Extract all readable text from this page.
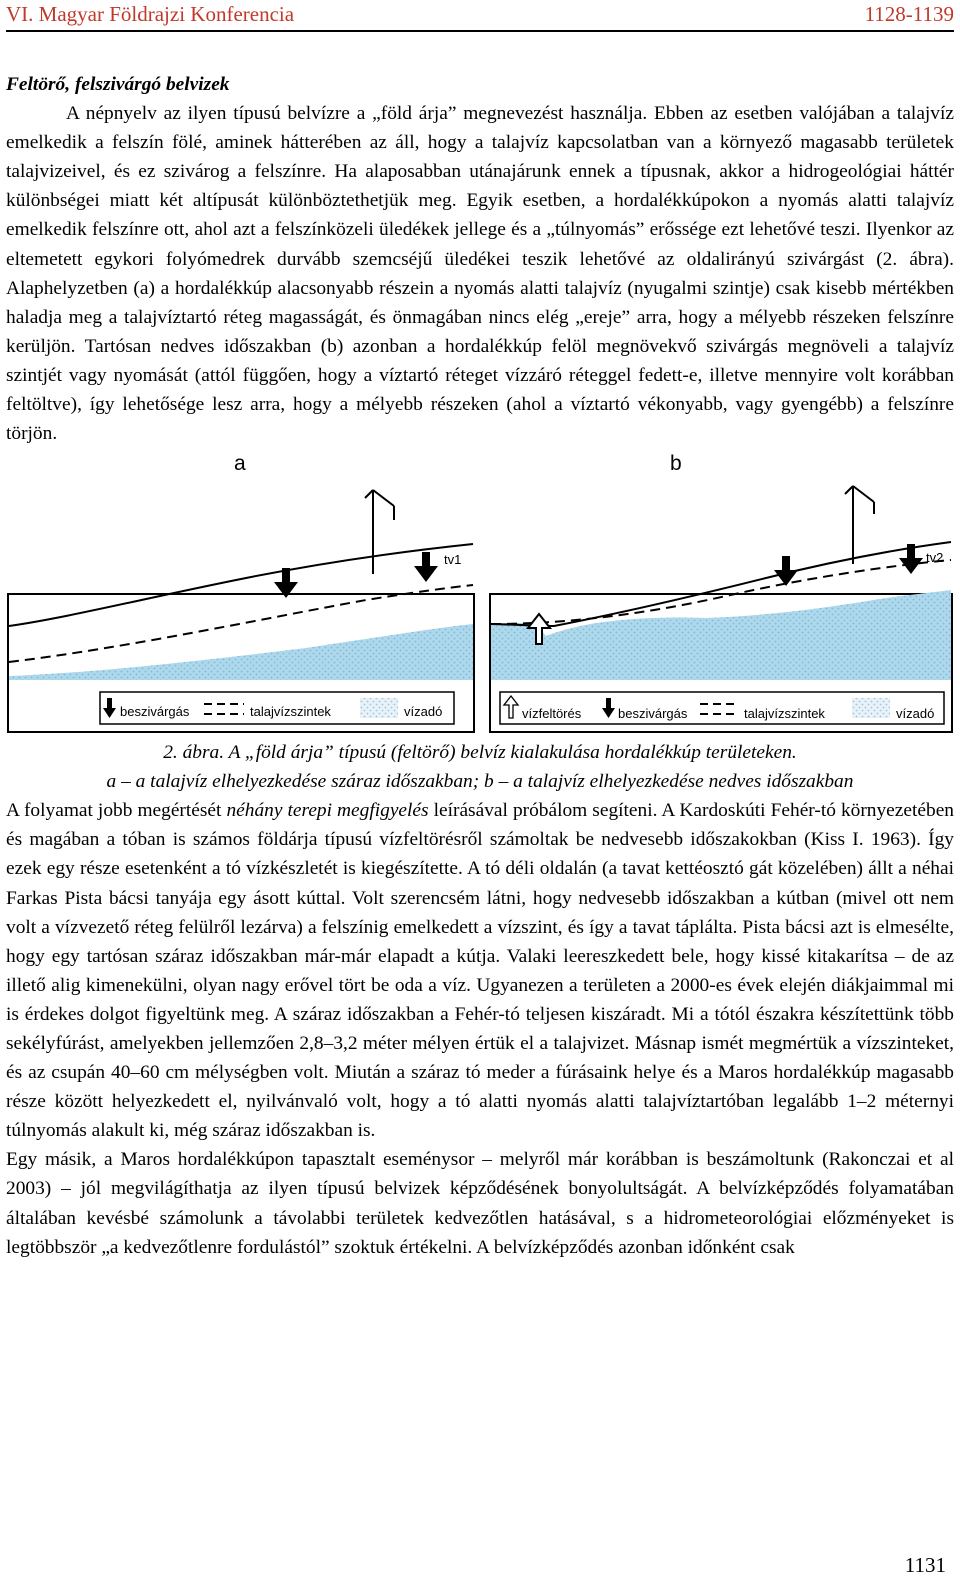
VI. Magyar Földrajzi Konferencia	1128-1139

Feltörő, felszivárgó belvizek

A népnyelv az ilyen típusú belvízre a „föld árja” megnevezést használja. Ebben az esetben valójában a talajvíz emelkedik a felszín fölé, aminek hátterében az áll, hogy a talajvíz kapcsolatban van a környező magasabb területek talajvizeivel, és ez szivárog a felszínre. Ha alaposabban utánajárunk ennek a típusnak, akkor a hidrogeológiai háttér különbségei miatt két altípusát különböztethetjük meg. Egyik esetben, a hordalékkúpokon a nyomás alatti talajvíz emelkedik felszínre ott, ahol azt a felszínközeli üledékek jellege és a „túlnyomás” erőssége ezt lehetővé teszi. Ilyenkor az eltemetett egykori folyómedrek durvább szemcséjű üledékei teszik lehetővé az oldalirányú szivárgást (2. ábra). Alaphelyzetben (a) a hordalékkúp alacsonyabb részein a nyomás alatti talajvíz (nyugalmi szintje) csak kisebb mértékben haladja meg a talajvíztartó réteg magasságát, és önmagában nincs elég „ereje” arra, hogy a mélyebb részeken felszínre kerüljön. Tartósan nedves időszakban (b) azonban a hordalékkúp felöl megnövekvő szivárgás megnöveli a talajvíz szintjét vagy nyomását (attól függően, hogy a víztartó réteget vízzáró réteggel fedett-e, illetve mennyire volt korábban feltöltve), így lehetősége lesz arra, hogy a mélyebb részeken (ahol a víztartó vékonyabb, vagy gyengébb) a felszínre törjön.

a	b
tv1
beszivárgás	talajvízszintek	vízadó
tv2
vízfeltörés	beszivárgás	talajvízszintek	vízadó

2. ábra. A „föld árja” típusú (feltörő) belvíz kialakulása hordalékkúp területeken.

a – a talajvíz elhelyezkedése száraz időszakban; b – a talajvíz elhelyezkedése nedves időszakban

A folyamat jobb megértését néhány terepi megfigyelés leírásával próbálom segíteni. A Kardoskúti Fehér-tó környezetében és magában a tóban is számos földárja típusú vízfeltörésről számoltak be nedvesebb időszakokban (Kiss I. 1963). Így ezek egy része esetenként a tó vízkészletét is kiegészítette. A tó déli oldalán (a tavat kettéosztó gát közelében) állt a néhai Farkas Pista bácsi tanyája egy ásott kúttal. Volt szerencsém látni, hogy nedvesebb időszakban a kútban (mivel ott nem volt a vízvezető réteg felülről lezárva) a felszínig emelkedett a vízszint, és így a tavat táplálta. Pista bácsi azt is elmesélte, hogy egy tartósan száraz időszakban már-már elapadt a kútja. Valaki leereszkedett bele, hogy kissé kitakarítsa – de az illető alig kimenekülni, olyan nagy erővel tört be oda a víz. Ugyanezen a területen a 2000-es évek elején diákjaimmal mi is érdekes dolgot figyeltünk meg. A száraz időszakban a Fehér-tó teljesen kiszáradt. Mi a tótól északra készítettünk több sekélyfúrást, amelyekben jellemzően 2,8–3,2 méter mélyen értük el a talajvizet. Másnap ismét megmértük a vízszinteket, és az csupán 40–60 cm mélységben volt. Miután a száraz tó meder a fúrásaink helye és a Maros hordalékkúp magasabb része között helyezkedett el, nyilvánvaló volt, hogy a tó alatti nyomás alatti talajvíztartóban legalább 1–2 méternyi túlnyomás alakult ki, még száraz időszakban is.

Egy másik, a Maros hordalékkúpon tapasztalt eseménysor – melyről már korábban is beszámoltunk (Rakonczai et al 2003) – jól megvilágíthatja az ilyen típusú belvizek képződésének bonyolultságát. A belvízképződés folyamatában általában kevésbé számolunk a távolabbi területek kedvezőtlen hatásával, s a hidrometeorológiai előzményeket is legtöbbször „a kedvezőtlenre fordulástól” szoktuk értékelni. A belvízképződés azonban időnként csak

1131
